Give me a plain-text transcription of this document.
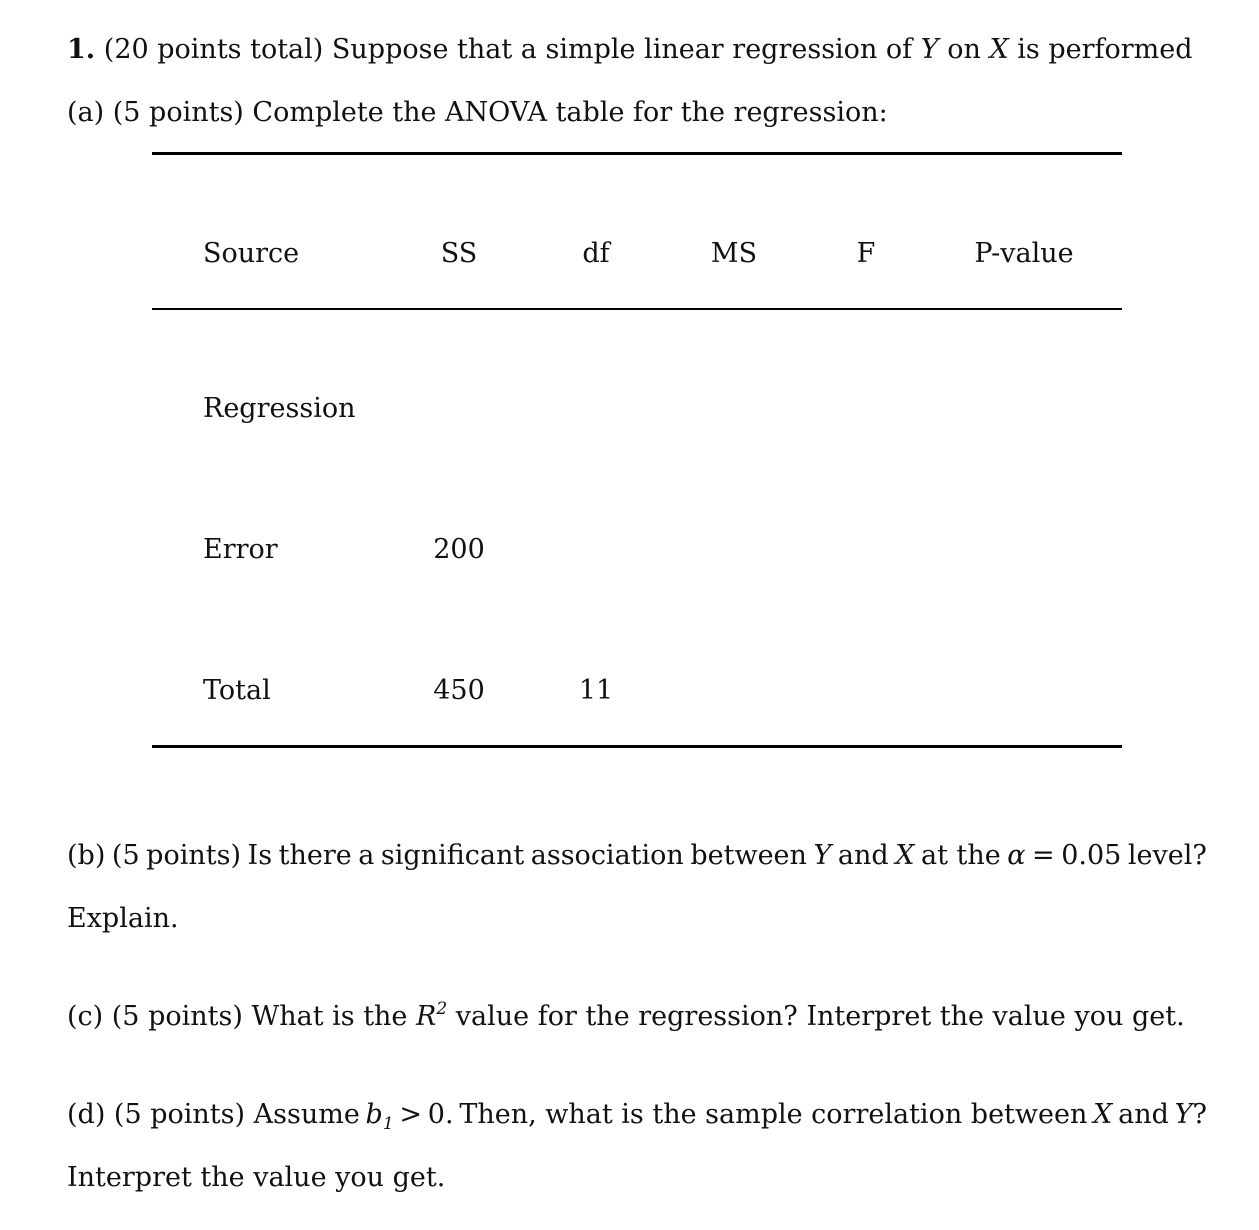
1. (20 points total) Suppose that a simple linear regression of Y on X is performed
(a) (5 points) Complete the ANOVA table for the regression:
Source	SS	df	MS	F	P-value
Regression
Error	200
Total	450	11
(b) (5 points) Is there a significant association between Y and X at the α = 0.05 level?
Explain.
(c) (5 points) What is the $R^2$ value for the regression? Interpret the value you get.
(d) (5 points) Assume $b_1 > 0$. Then, what is the sample correlation between X and Y?
Interpret the value you get.
